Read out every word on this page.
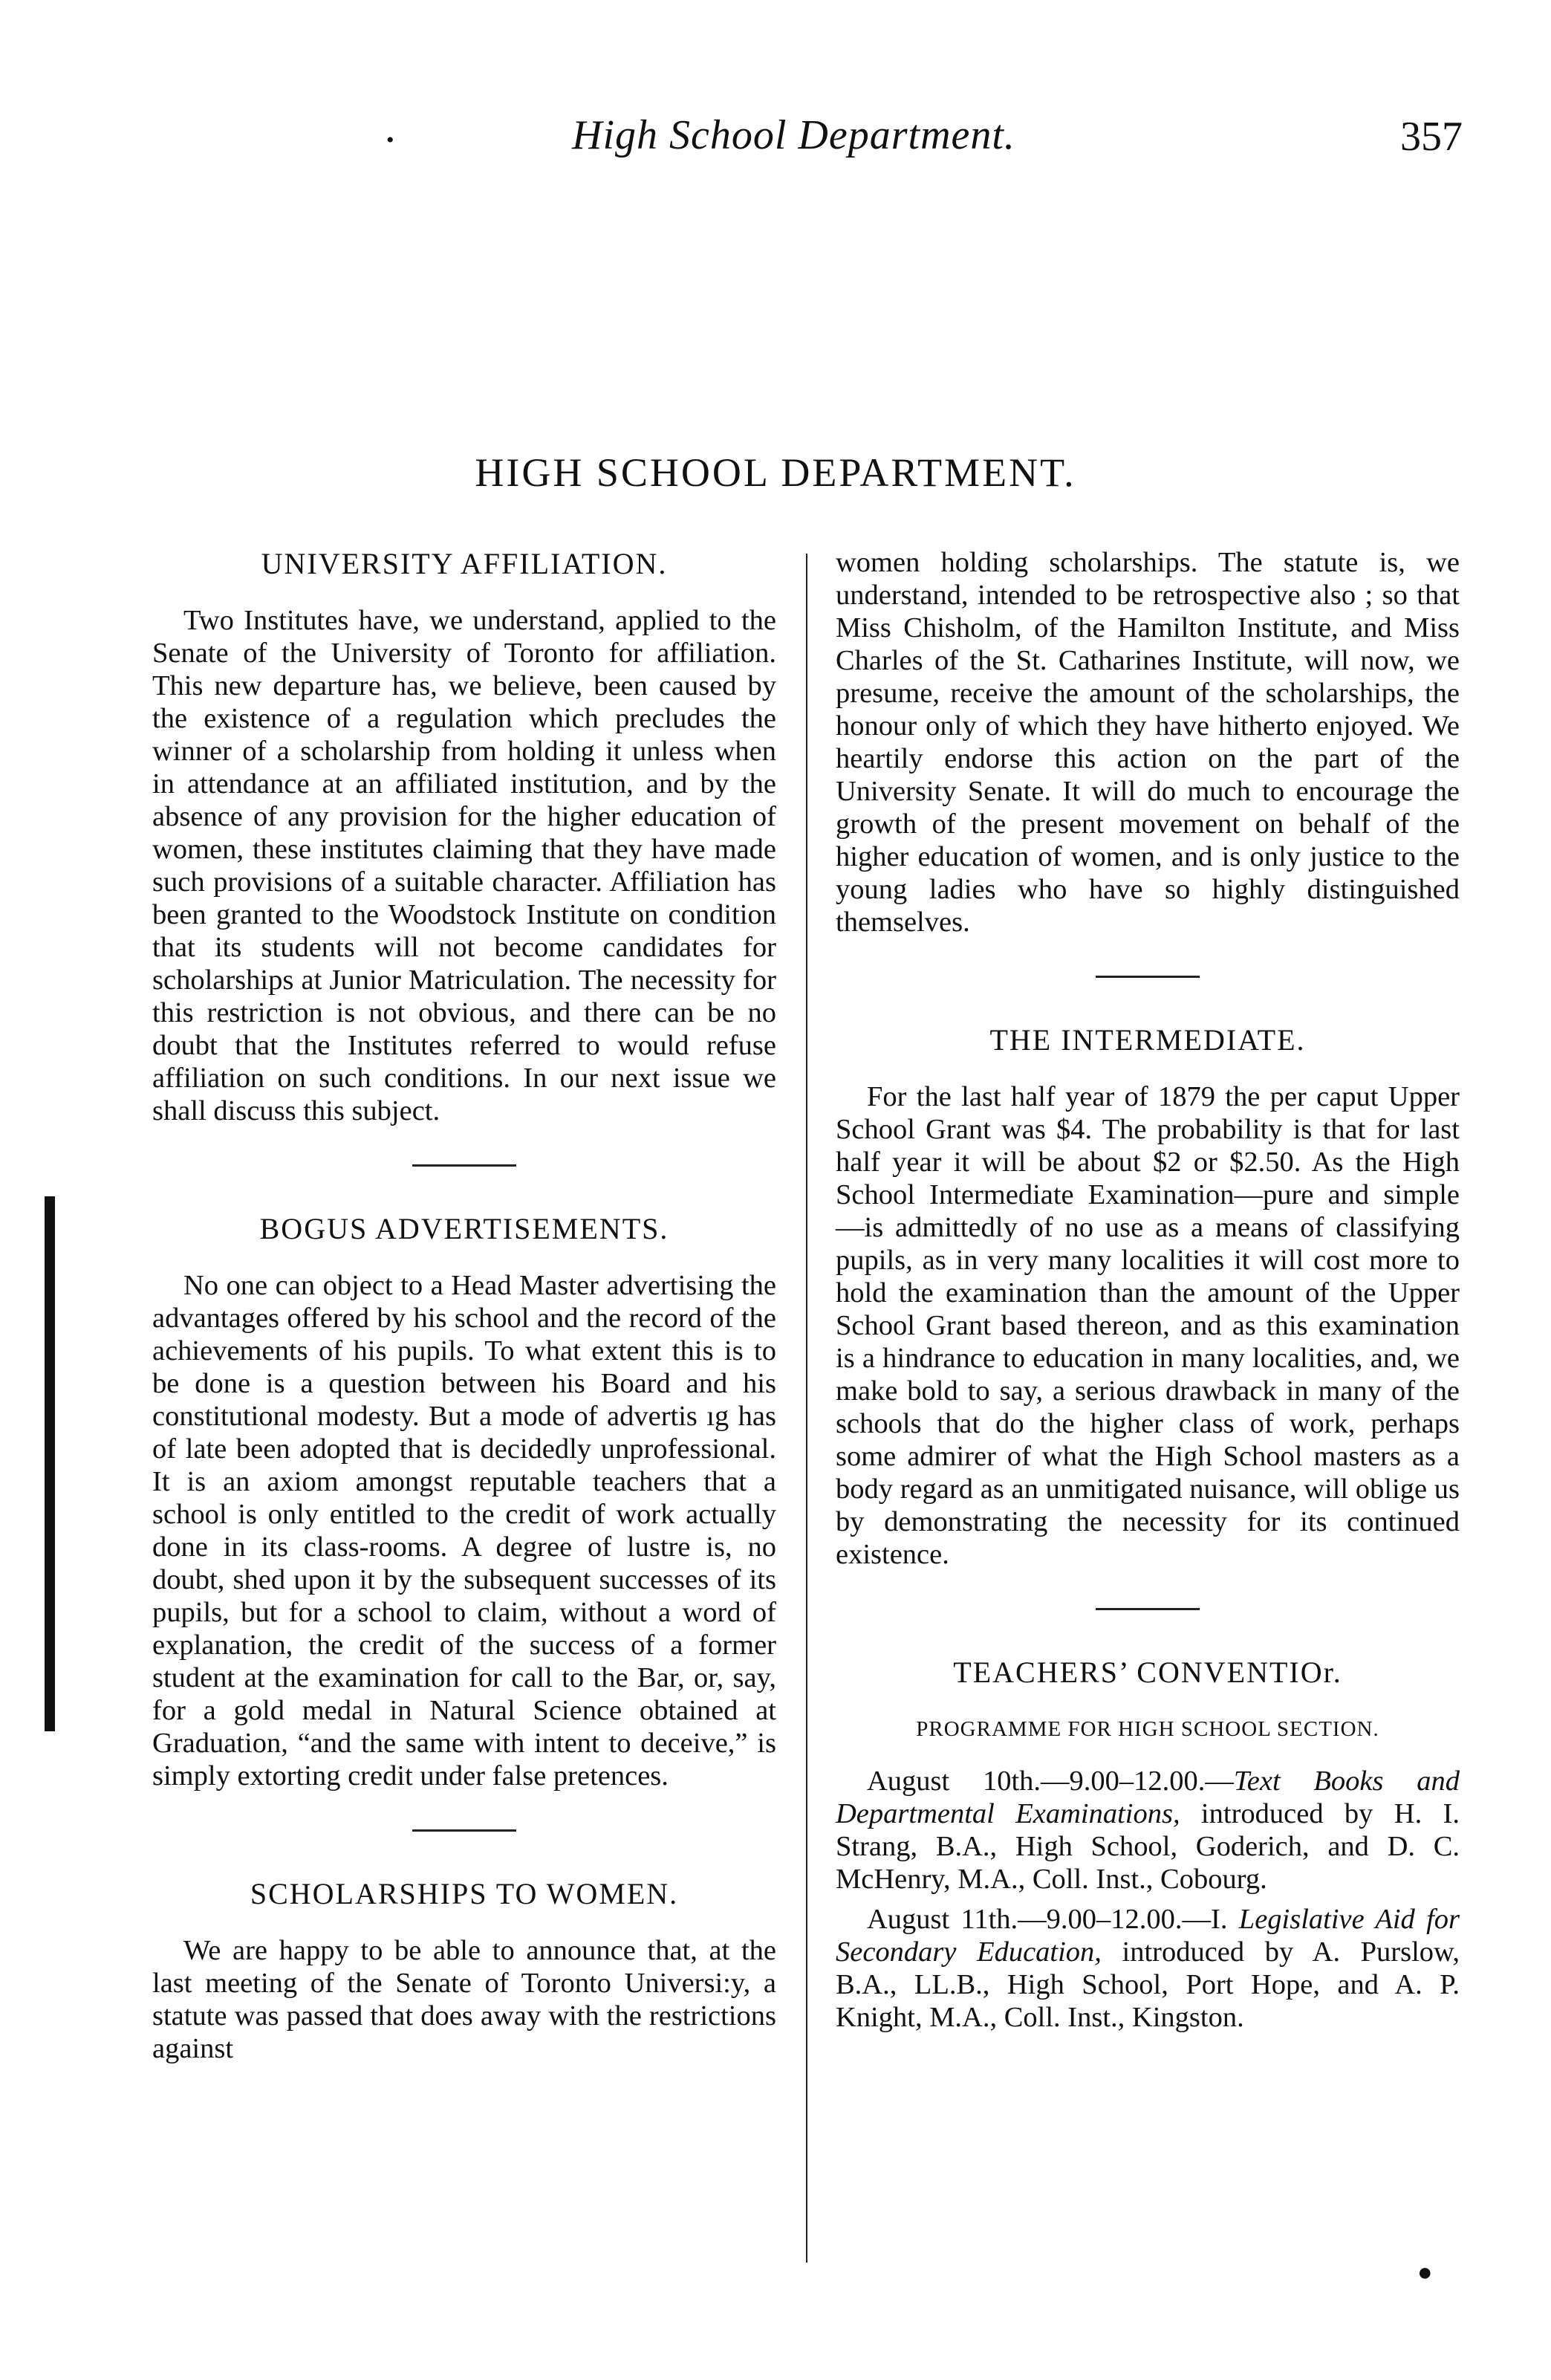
•	High School Department.	357
HIGH SCHOOL DEPARTMENT.
UNIVERSITY AFFILIATION.

Two Institutes have, we understand, applied to the Senate of the University of Toronto for affiliation. This new departure has, we believe, been caused by the existence of a regulation which precludes the winner of a scholarship from holding it unless when in attendance at an affiliated institution, and by the absence of any provision for the higher education of women, these institutes claiming that they have made such provisions of a suitable character. Affiliation has been granted to the Woodstock Institute on condition that its students will not become candidates for scholarships at Junior Matriculation. The necessity for this restriction is not obvious, and there can be no doubt that the Institutes referred to would refuse affiliation on such conditions. In our next issue we shall discuss this subject.

BOGUS ADVERTISEMENTS.

No one can object to a Head Master advertising the advantages offered by his school and the record of the achievements of his pupils. To what extent this is to be done is a question between his Board and his constitutional modesty. But a mode of advertis ıg has of late been adopted that is decidedly unprofessional. It is an axiom amongst reputable teachers that a school is only entitled to the credit of work actually done in its class-rooms. A degree of lustre is, no doubt, shed upon it by the subsequent successes of its pupils, but for a school to claim, without a word of explanation, the credit of the success of a former student at the examination for call to the Bar, or, say, for a gold medal in Natural Science obtained at Graduation, “and the same with intent to deceive,” is simply extorting credit under false pretences.

SCHOLARSHIPS TO WOMEN.

We are happy to be able to announce that, at the last meeting of the Senate of Toronto Universi:y, a statute was passed that does away with the restrictions against

women holding scholarships. The statute is, we understand, intended to be retrospective also ; so that Miss Chisholm, of the Hamilton Institute, and Miss Charles of the St. Catharines Institute, will now, we presume, receive the amount of the scholarships, the honour only of which they have hitherto enjoyed. We heartily endorse this action on the part of the University Senate. It will do much to encourage the growth of the present movement on behalf of the higher education of women, and is only justice to the young ladies who have so highly distinguished themselves.

THE INTERMEDIATE.

For the last half year of 1879 the per caput Upper School Grant was $4. The probability is that for last half year it will be about $2 or $2.50. As the High School Intermediate Examination—pure and simple—is admittedly of no use as a means of classifying pupils, as in very many localities it will cost more to hold the examination than the amount of the Upper School Grant based thereon, and as this examination is a hindrance to education in many localities, and, we make bold to say, a serious drawback in many of the schools that do the higher class of work, perhaps some admirer of what the High School masters as a body regard as an unmitigated nuisance, will oblige us by demonstrating the necessity for its continued existence.

TEACHERS’ CONVENTIOr.
PROGRAMME FOR HIGH SCHOOL SECTION.

August 10th.—9.00–12.00.—Text Books and Departmental Examinations, introduced by H. I. Strang, B.A., High School, Goderich, and D. C. McHenry, M.A., Coll. Inst., Cobourg.

August 11th.—9.00–12.00.—I. Legislative Aid for Secondary Education, introduced by A. Purslow, B.A., LL.B., High School, Port Hope, and A. P. Knight, M.A., Coll. Inst., Kingston.

●
